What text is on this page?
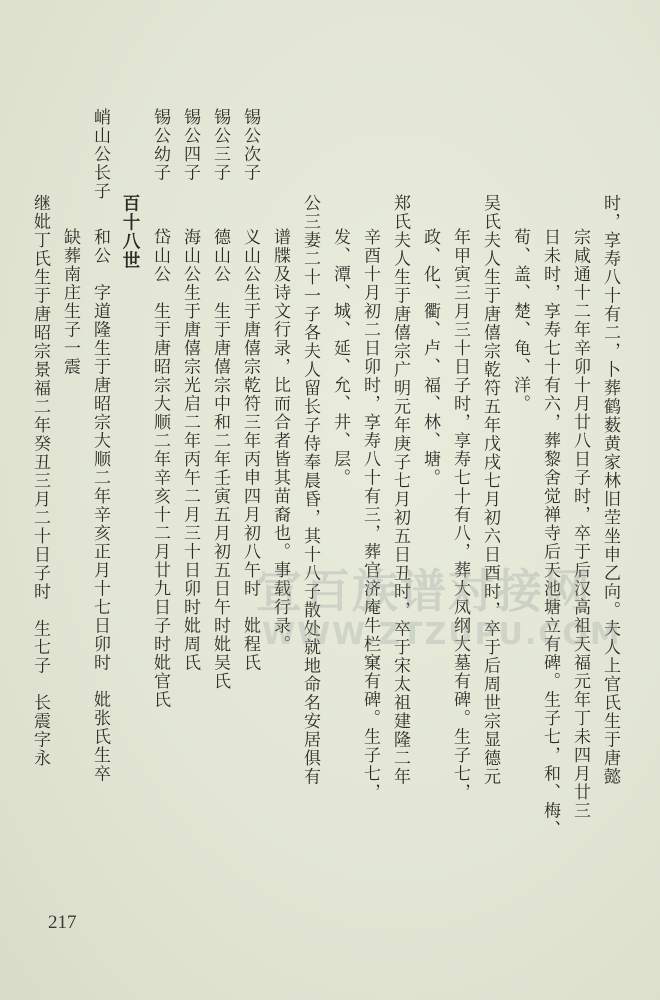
时，享寿八十有二，卜葬鹤薮黄家林旧茔坐申乙向。夫人上官氏生于唐懿
宗咸通十二年辛卯十月廿八日子时，卒于后汉高祖天福元年丁未四月廿三
日未时，享寿七十有六，葬黎舍觉禅寺后天池塘立有碑。生子七，和、梅、
荀、盖、楚、龟、洋。
吴氏夫人生于唐僖宗乾符五年戊戌七月初六日酉时，卒于后周世宗显德元
年甲寅三月三十日子时，享寿七十有八，葬大凤纲大墓有碑。生子七，
政、化、衢、卢、福、林、塘。
郑氏夫人生于唐僖宗广明元年庚子七月初五日丑时，卒于宋太祖建隆二年
辛酉十月初二日卯时，享寿八十有三，葬官济庵牛栏窠有碑。生子七，
发、潭、城、延、允、井、层。
公三妻二十一子各夫人留长子侍奉晨昏，其十八子散处就地命名安居俱有
谱牒及诗文行录，比而合者皆其苗裔也。事载行录。
义山公生于唐僖宗乾符三年丙申四月初八午时　妣程氏
德山公　生于唐僖宗中和二年壬寅五月初五日午时妣吴氏
海山公生于唐僖宗光启二年丙午二月三十日卯时妣周氏
岱山公　生于唐昭宗大顺二年辛亥十二月廿九日子时妣官氏
百十八世
和公　字道隆生于唐昭宗大顺二年辛亥正月十七日卯时　妣张氏生卒
缺葬南庄生子一震
继妣丁氏生于唐昭宗景福二年癸丑三月二十日子时　生七子　长震字永
锡公次子
锡公三子
锡公四子
锡公幼子
峭山公长子
217
宣百族谱对接网
WWW.ZTZUPU.COM
